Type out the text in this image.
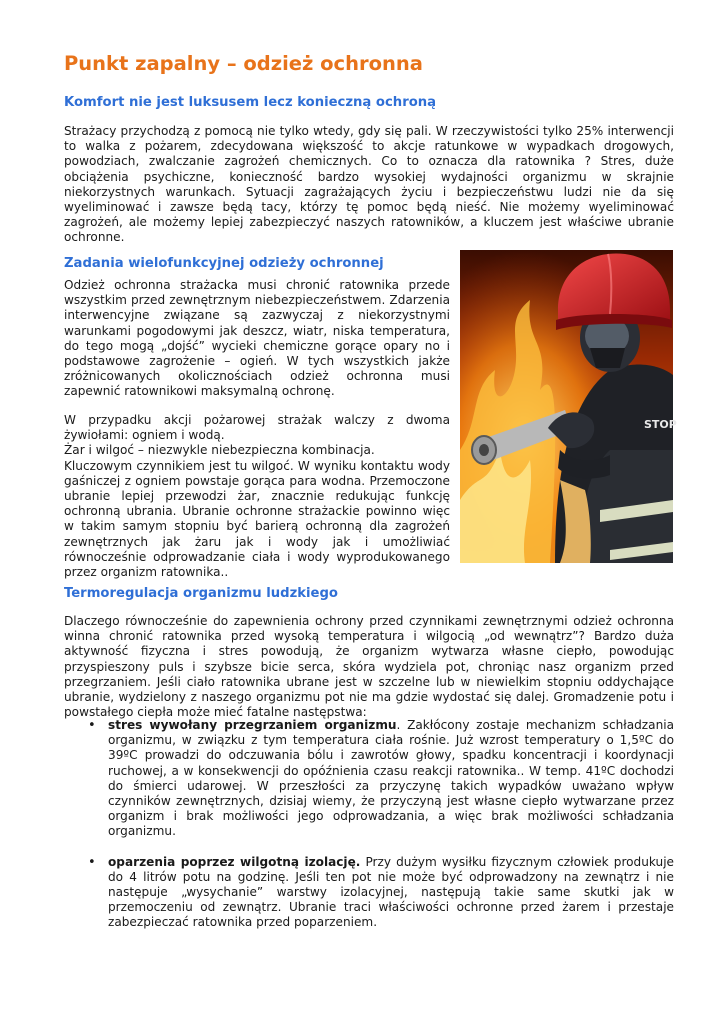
Punkt zapalny – odzież ochronna
Komfort nie jest luksusem lecz konieczną ochroną

Strażacy przychodzą z pomocą nie tylko wtedy, gdy się pali. W rzeczywistości tylko 25% interwencji to walka z pożarem, zdecydowana większość to akcje ratunkowe w wypadkach drogowych, powodziach, zwalczanie zagrożeń chemicznych. Co to oznacza dla ratownika ? Stres, duże obciążenia psychiczne, konieczność bardzo wysokiej wydajności organizmu w skrajnie niekorzystnych warunkach. Sytuacji zagrażających życiu i bezpieczeństwu ludzi nie da się wyeliminować i zawsze będą tacy, którzy tę pomoc będą nieść. Nie możemy wyeliminować zagrożeń, ale możemy lepiej zabezpieczyć naszych ratowników, a kluczem jest właściwe ubranie ochronne.

Zadania wielofunkcyjnej odzieży ochronnej

Odzież ochronna strażacka musi chronić ratownika przede wszystkim przed zewnętrznym niebezpieczeństwem. Zdarzenia interwencyjne związane są zazwyczaj z niekorzystnymi warunkami pogodowymi jak deszcz, wiatr, niska temperatura, do tego mogą „dojść” wycieki chemiczne gorące opary no i podstawowe zagrożenie – ogień. W tych wszystkich jakże zróżnicowanych okolicznościach odzież ochronna musi zapewnić ratownikowi maksymalną ochronę.

W przypadku akcji pożarowej strażak walczy z dwoma żywiołami: ogniem i wodą.
Żar i wilgoć – niezwykle niebezpieczna kombinacja.
Kluczowym czynnikiem jest tu wilgoć. W wyniku kontaktu wody gaśniczej z ogniem powstaje gorąca para wodna. Przemoczone ubranie lepiej przewodzi żar, znacznie redukując funkcję ochronną ubrania. Ubranie ochronne strażackie powinno więc w takim samym stopniu być barierą ochronną dla zagrożeń zewnętrznych jak żaru jak i wody jak i umożliwiać równocześnie odprowadzanie ciała i wody wyprodukowanego przez organizm ratownika..
STOP
Termoregulacja organizmu ludzkiego

Dlaczego równocześnie do zapewnienia ochrony przed czynnikami zewnętrznymi odzież ochronna winna chronić ratownika przed wysoką temperatura i wilgocią „od wewnątrz”? Bardzo duża aktywność fizyczna i stres powodują, że organizm wytwarza własne ciepło, powodując przyspieszony puls i szybsze bicie serca, skóra wydziela pot, chroniąc nasz organizm przed przegrzaniem. Jeśli ciało ratownika ubrane jest w szczelne lub w niewielkim stopniu oddychające ubranie, wydzielony z naszego organizmu pot nie ma gdzie wydostać się dalej. Gromadzenie potu i powstałego ciepła może mieć fatalne następstwa:

• stres wywołany przegrzaniem organizmu. Zakłócony zostaje mechanizm schładzania organizmu, w związku z tym temperatura ciała rośnie. Już wzrost temperatury o 1,5ºC do 39ºC prowadzi do odczuwania bólu i zawrotów głowy, spadku koncentracji i koordynacji ruchowej, a w konsekwencji do opóźnienia czasu reakcji ratownika.. W temp. 41ºC dochodzi do śmierci udarowej. W przeszłości za przyczynę takich wypadków uważano wpływ czynników zewnętrznych, dzisiaj wiemy, że przyczyną jest własne ciepło wytwarzane przez organizm i brak możliwości jego odprowadzania, a więc brak możliwości schładzania organizmu.
• oparzenia poprzez wilgotną izolację. Przy dużym wysiłku fizycznym człowiek produkuje do 4 litrów potu na godzinę. Jeśli ten pot nie może być odprowadzony na zewnątrz i nie następuje „wysychanie” warstwy izolacyjnej, następują takie same skutki jak w przemoczeniu od zewnątrz. Ubranie traci właściwości ochronne przed żarem i przestaje zabezpieczać ratownika przed poparzeniem.
